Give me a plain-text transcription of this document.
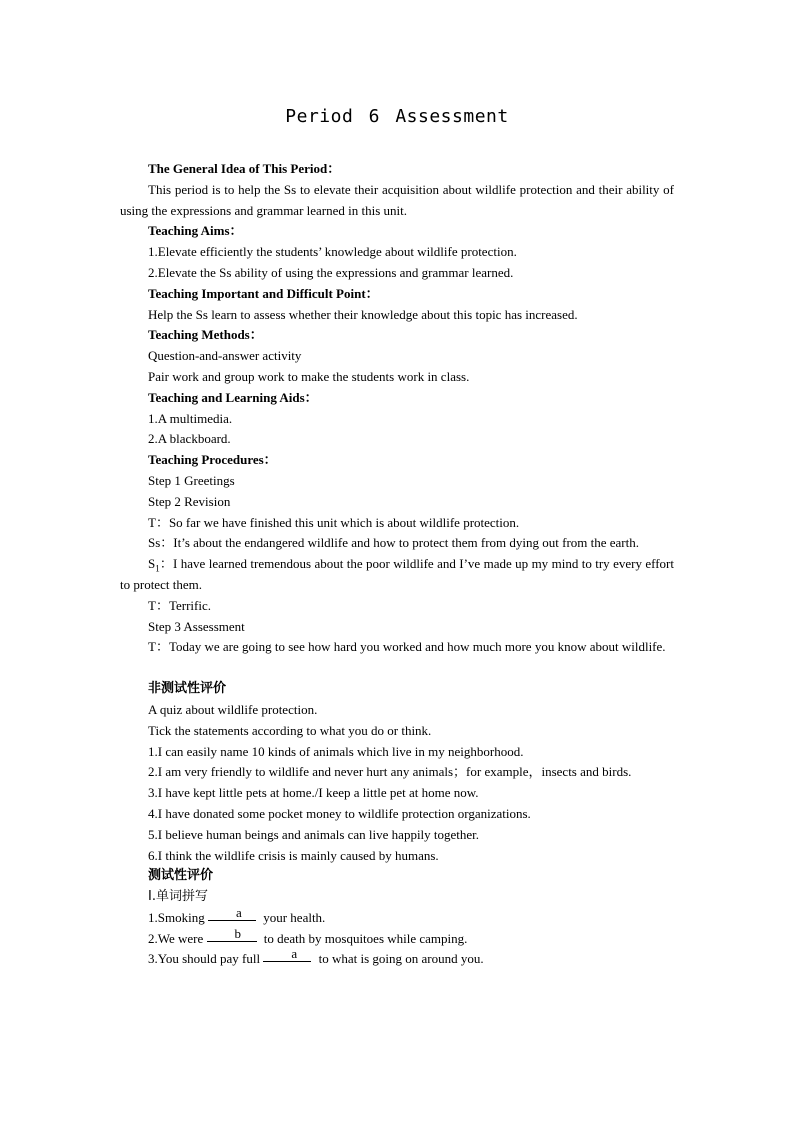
Period 6 Assessment

The General Idea of This Period：

This period is to help the Ss to elevate their acquisition about wildlife protection and their ability of using the expressions and grammar learned in this unit.

Teaching Aims：

1.Elevate efficiently the students’ knowledge about wildlife protection.

2.Elevate the Ss ability of using the expressions and grammar learned.

Teaching Important and Difficult Point：

Help the Ss learn to assess whether their knowledge about this topic has increased.

Teaching Methods：

Question-and-answer activity

Pair work and group work to make the students work in class.

Teaching and Learning Aids：

1.A multimedia.

2.A blackboard.

Teaching Procedures：

Step 1 Greetings

Step 2 Revision

T：So far we have finished this unit which is about wildlife protection.

Ss：It’s about the endangered wildlife and how to protect them from dying out from the earth.

$S_1$：I have learned tremendous about the poor wildlife and I’ve made up my mind to try every effort to protect them.

T：Terrific.

Step 3 Assessment

T：Today we are going to see how hard you worked and how much more you know about wildlife.

非测试性评价

A quiz about wildlife protection.

Tick the statements according to what you do or think.

1.I can easily name 10 kinds of animals which live in my neighborhood.

2.I am very friendly to wildlife and never hurt any animals；for example，insects and birds.

3.I have kept little pets at home./I keep a little pet at home now.

4.I have donated some pocket money to wildlife protection organizations.

5.I believe human beings and animals can live happily together.

6.I think the wildlife crisis is mainly caused by humans.

测试性评价

Ⅰ.单词拼写

1.Smoking a your health.

2.We were b to death by mosquitoes while camping.

3.You should pay full a to what is going on around you.
